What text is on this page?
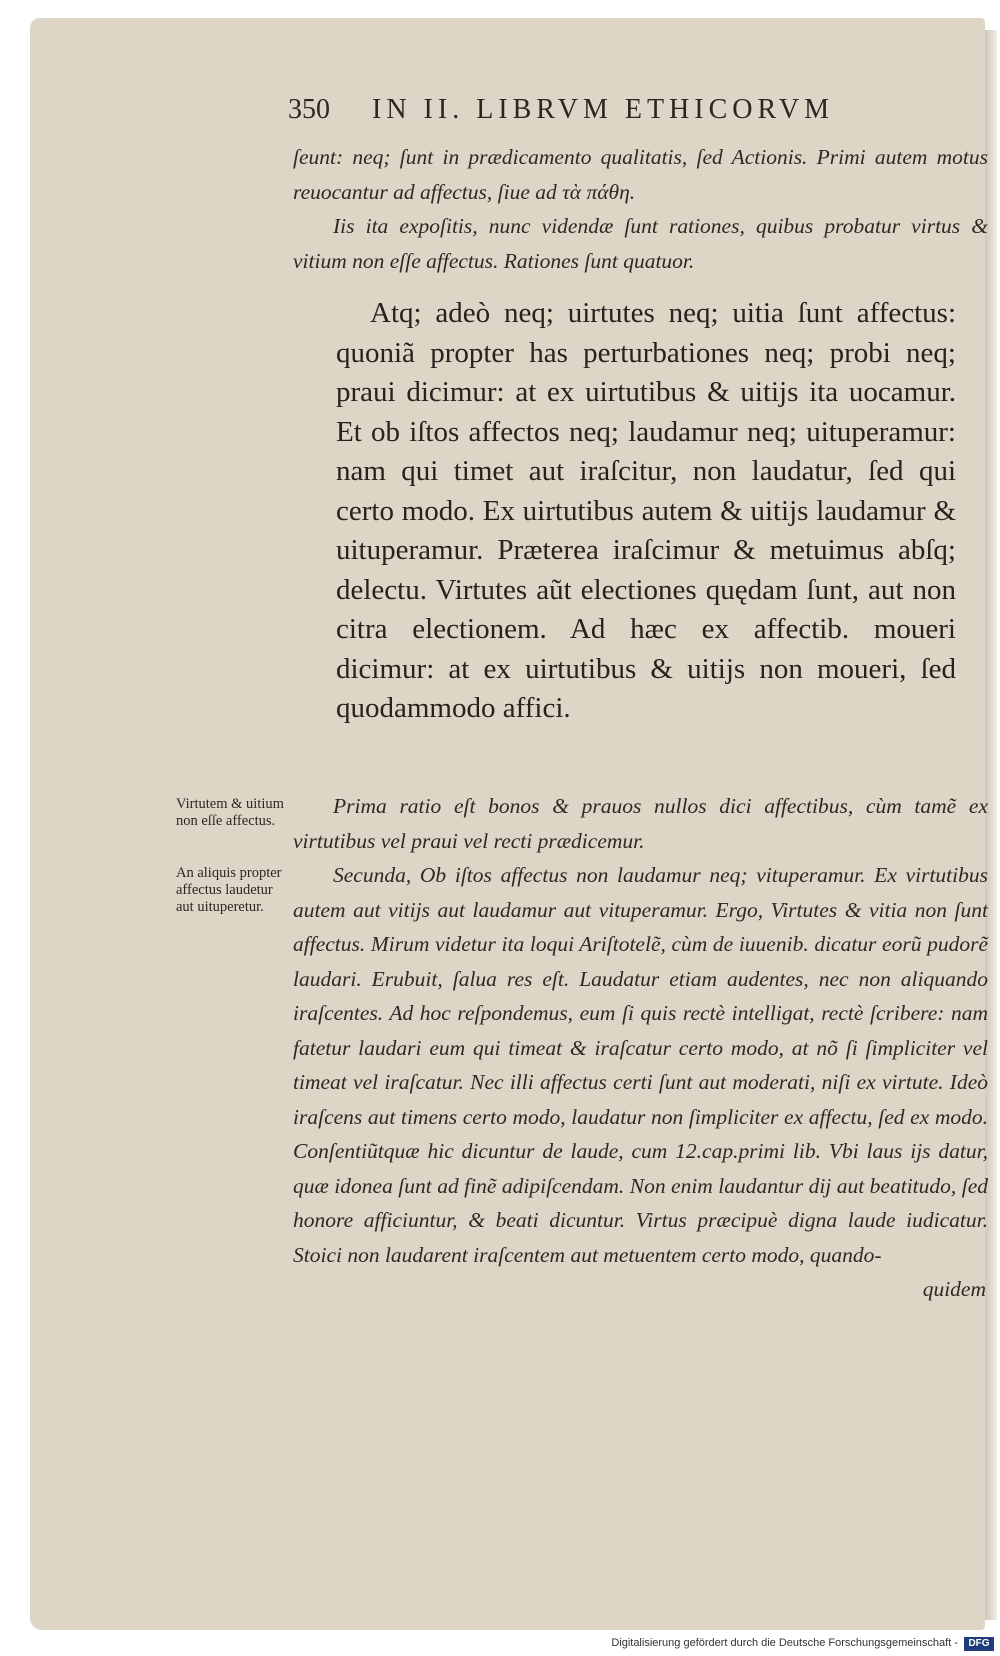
350 IN II. LIBRVM ETHICORVM

ſeunt: neq; ſunt in prædicamento qualitatis, ſed Actionis. Primi autem motus reuocantur ad affectus, ſiue ad τὰ πάθη.

Iis ita expoſitis, nunc videndæ ſunt rationes, quibus probatur virtus & vitium non eſſe affectus. Rationes ſunt quatuor.

Atq; adeò neq; uirtutes neq; uitia ſunt affectus: quoniã propter has perturbationes neq; probi neq; praui dicimur: at ex uirtutibus & uitijs ita uocamur. Et ob iſtos affectos neq; laudamur neq; uituperamur: nam qui timet aut iraſcitur, non laudatur, ſed qui certo modo. Ex uirtutibus autem & uitijs laudamur & uituperamur. Præterea iraſcimur & metuimus abſq; delectu. Virtutes aũt electiones quędam ſunt, aut non citra electionem. Ad hæc ex affectib. moueri dicimur: at ex uirtutibus & uitijs non moueri, ſed quodammodo affici.

Virtutem & uitium non eſſe affectus.
An aliquis propter affectus laudetur aut uituperetur.

Prima ratio eſt bonos & prauos nullos dici affectibus, cùm tamẽ ex virtutibus vel praui vel recti prædicemur.

Secunda, Ob iſtos affectus non laudamur neq; vituperamur. Ex virtutibus autem aut vitijs aut laudamur aut vituperamur. Ergo, Virtutes & vitia non ſunt affectus. Mirum videtur ita loqui Ariſtotelẽ, cùm de iuuenib. dicatur eorũ pudorẽ laudari. Erubuit, ſalua res eſt. Laudatur etiam audentes, nec non aliquando iraſcentes. Ad hoc reſpondemus, eum ſi quis rectè intelligat, rectè ſcribere: nam fatetur laudari eum qui timeat & iraſcatur certo modo, at nõ ſi ſimpliciter vel timeat vel iraſcatur. Nec illi affectus certi ſunt aut moderati, niſi ex virtute. Ideò iraſcens aut timens certo modo, laudatur non ſimpliciter ex affectu, ſed ex modo. Conſentiũtquæ hic dicuntur de laude, cum 12.cap.primi lib. Vbi laus ijs datur, quæ idonea ſunt ad finẽ adipiſcendam. Non enim laudantur dij aut beatitudo, ſed honore afficiuntur, & beati dicuntur. Virtus præcipuè digna laude iudicatur. Stoici non laudarent iraſcentem aut metuentem certo modo, quando-

quidem
Digitalisierung gefördert durch die Deutsche Forschungsgemeinschaft -	DFG
